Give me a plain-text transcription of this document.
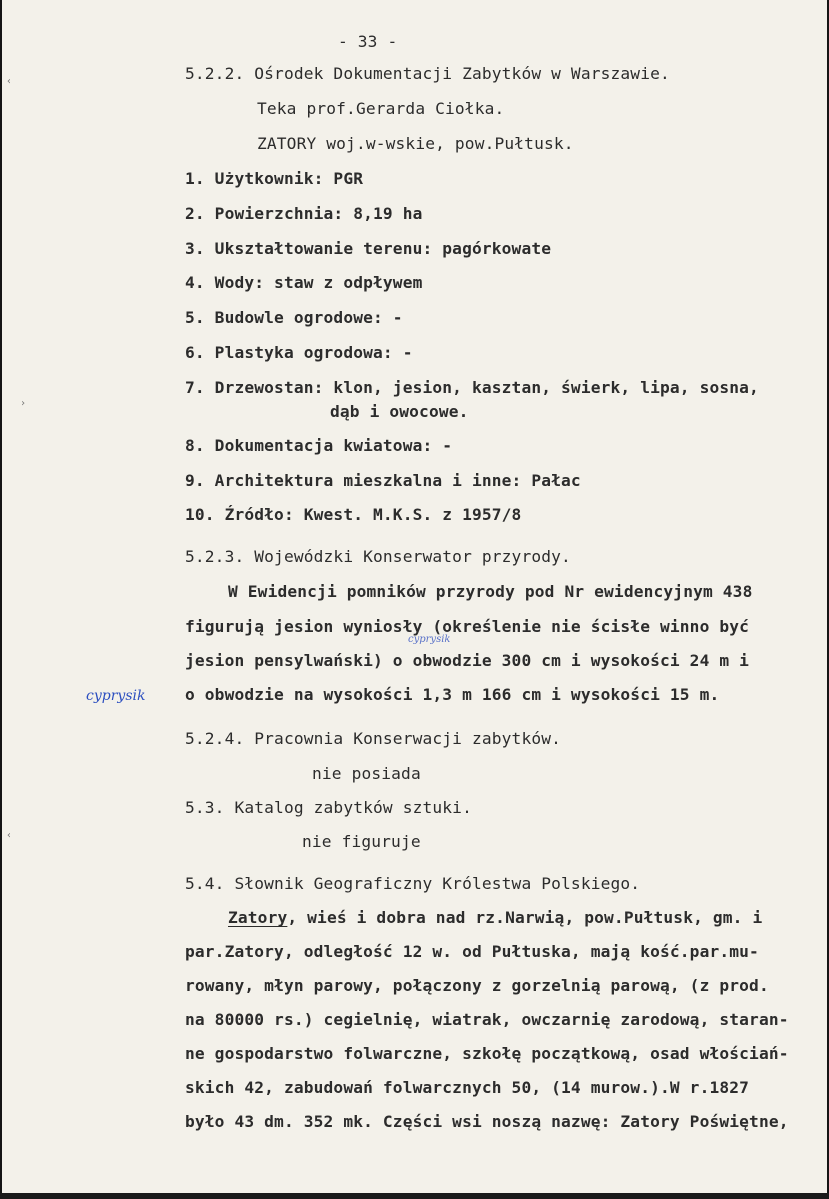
‹
›
‹
- 33 -
5.2.2. Ośrodek Dokumentacji Zabytków w Warszawie.
Teka prof.Gerarda Ciołka.
ZATORY woj.w-wskie, pow.Pułtusk.
1. Użytkownik: PGR
2. Powierzchnia: 8,19 ha
3. Ukształtowanie terenu: pagórkowate
4. Wody: staw z odpływem
5. Budowle ogrodowe: -
6. Plastyka ogrodowa: -
7. Drzewostan: klon, jesion, kasztan, świerk, lipa, sosna,
dąb i owocowe.
8. Dokumentacja kwiatowa: -
9. Architektura mieszkalna i inne: Pałac
10. Źródło: Kwest. M.K.S. z 1957/8
5.2.3. Wojewódzki Konserwator przyrody.
W Ewidencji pomników przyrody pod Nr ewidencyjnym 438
figurują jesion wyniosły (określenie nie ścisłe winno być
cyprysik
jesion pensylwański) o obwodzie 300 cm i wysokości 24 m i
o obwodzie na wysokości 1,3 m 166 cm i wysokości 15 m.
cyprysik
5.2.4. Pracownia Konserwacji zabytków.
nie posiada
5.3. Katalog zabytków sztuki.
nie figuruje
5.4. Słownik Geograficzny Królestwa Polskiego.
Zatory, wieś i dobra nad rz.Narwią, pow.Pułtusk, gm. i
par.Zatory, odległość 12 w. od Pułtuska, mają kość.par.mu-
rowany, młyn parowy, połączony z gorzelnią parową, (z prod.
na 80000 rs.) cegielnię, wiatrak, owczarnię zarodową, staran-
ne gospodarstwo folwarczne, szkołę początkową, osad włościań-
skich 42, zabudowań folwarcznych 50, (14 murow.).W r.1827
było 43 dm. 352 mk. Części wsi noszą nazwę: Zatory Poświętne,
